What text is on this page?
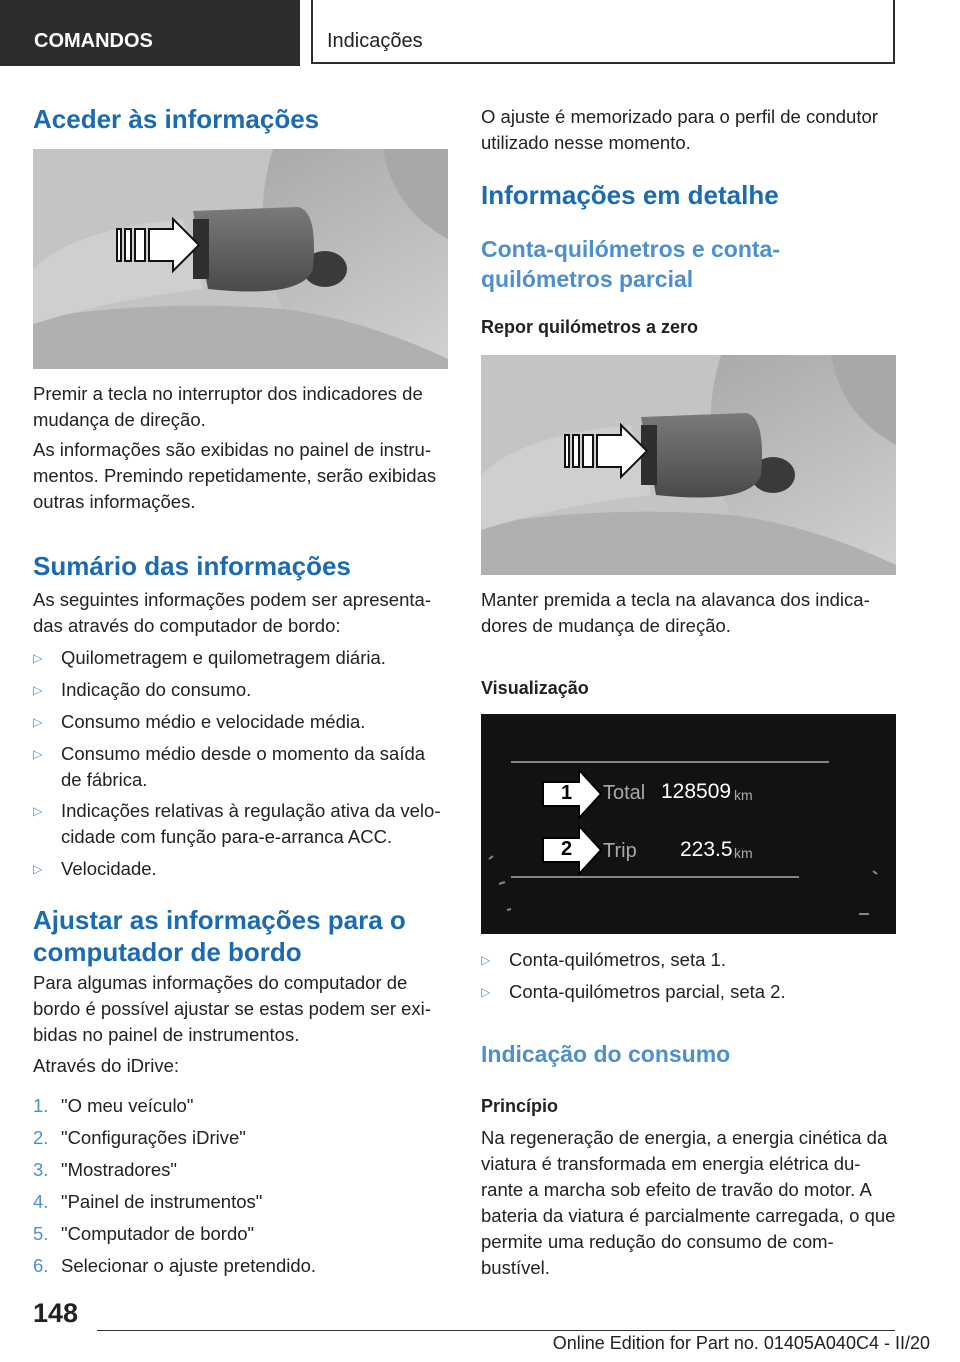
COMANDOS	Indicações
Aceder às informações

Premir a tecla no interruptor dos indicadores de mudança de direção.

As informações são exibidas no painel de instrumentos. Premindo repetidamente, serão exibidas outras informações.

Sumário das informações

As seguintes informações podem ser apresentadas através do computador de bordo:

▷	Quilometragem e quilometragem diária.
▷	Indicação do consumo.
▷	Consumo médio e velocidade média.
▷	Consumo médio desde o momento da saída de fábrica.
▷	Indicações relativas à regulação ativa da velocidade com função para-e-arranca ACC.
▷	Velocidade.
Ajustar as informações para o computador de bordo

Para algumas informações do computador de bordo é possível ajustar se estas podem ser exibidas no painel de instrumentos.

Através do iDrive:

1. "O meu veículo"
2. "Configurações iDrive"
3. "Mostradores"
4. "Painel de instrumentos"
5. "Computador de bordo"
6. Selecionar o ajuste pretendido.

O ajuste é memorizado para o perfil de condutor utilizado nesse momento.

Informações em detalhe
Conta-quilómetros e conta-quilómetros parcial
Repor quilómetros a zero

Manter premida a tecla na alavanca dos indicadores de mudança de direção.

Visualização
1
2
Total 128509 km
Trip 223.5 km
▷	Conta-quilómetros, seta 1.
▷	Conta-quilómetros parcial, seta 2.
Indicação do consumo
Princípio

Na regeneração de energia, a energia cinética da viatura é transformada em energia elétrica durante a marcha sob efeito de travão do motor. A bateria da viatura é parcialmente carregada, o que permite uma redução do consumo de combustível.

148
Online Edition for Part no. 01405A040C4 - II/20
